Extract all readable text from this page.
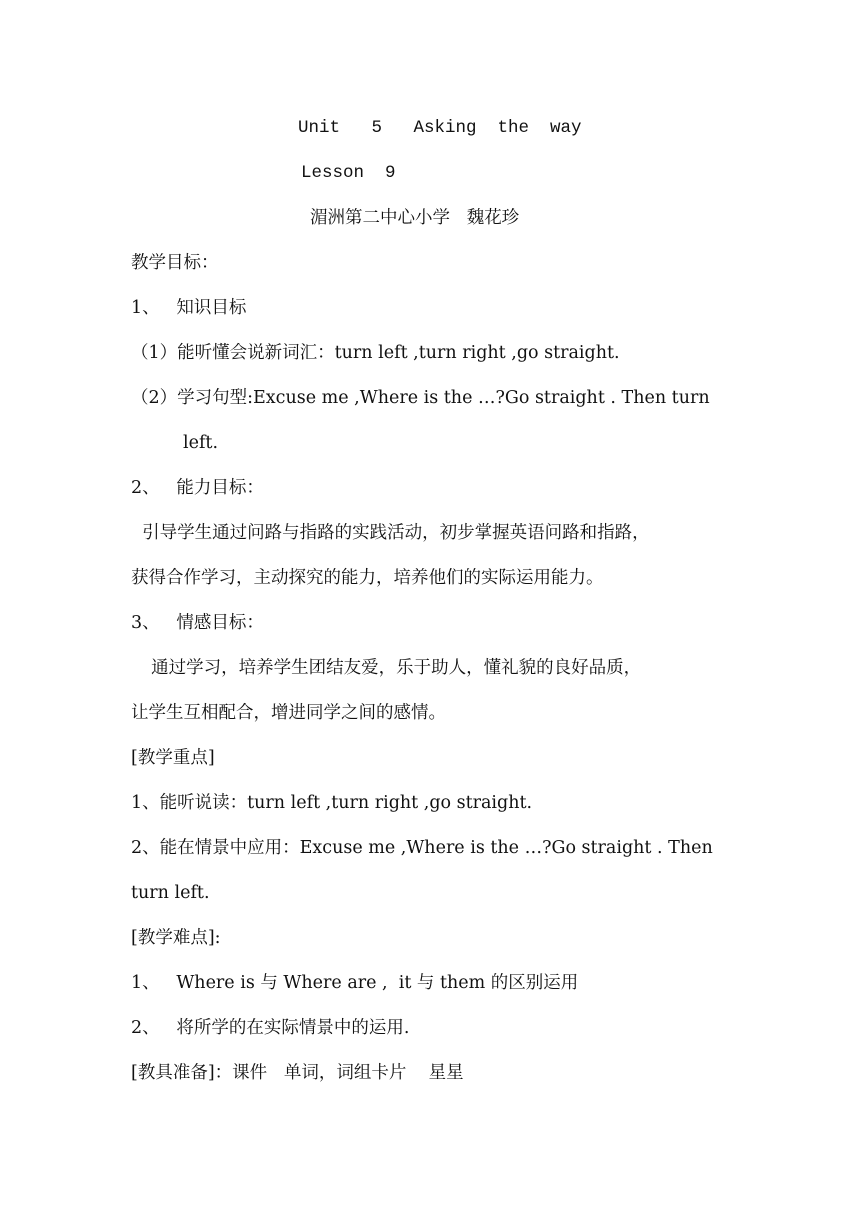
Unit   5   Asking  the  way
Lesson  9
湄洲第二中心小学   魏花珍
教学目标：
1、   知识目标
（1）能听懂会说新词汇：turn left ,turn right ,go straight.
（2）学习句型:Excuse me ,Where is the …?Go straight . Then turn
left.
2、   能力目标：
引导学生通过问路与指路的实践活动，初步掌握英语问路和指路，
获得合作学习，主动探究的能力，培养他们的实际运用能力。
3、   情感目标：
通过学习，培养学生团结友爱，乐于助人，懂礼貌的良好品质，
让学生互相配合，增进同学之间的感情。
[教学重点]
1、能听说读：turn left ,turn right ,go straight.
2、能在情景中应用：Excuse me ,Where is the …?Go straight . Then
turn left.
[教学难点]:
1、   Where is 与 Where are ,  it 与 them 的区别运用
2、   将所学的在实际情景中的运用.
[教具准备]：课件   单词，词组卡片    星星
